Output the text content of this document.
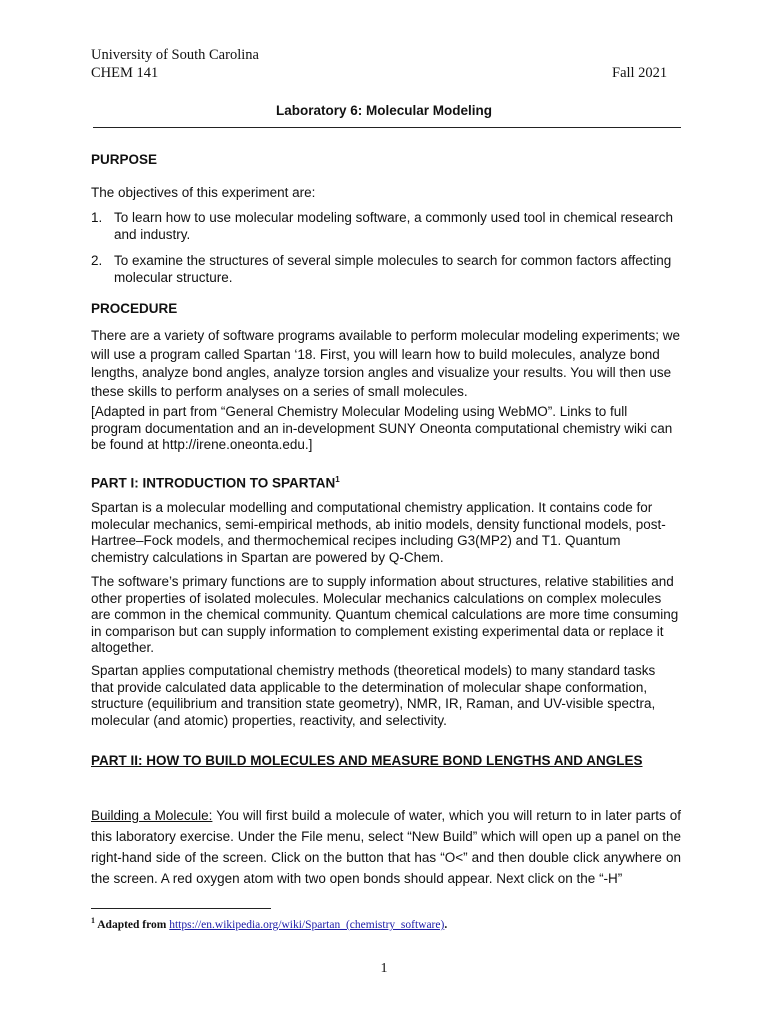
University of South Carolina
CHEM 141	Fall 2021
Laboratory 6: Molecular Modeling
PURPOSE
The objectives of this experiment are:
1. To learn how to use molecular modeling software, a commonly used tool in chemical research and industry.
2. To examine the structures of several simple molecules to search for common factors affecting molecular structure.
PROCEDURE
There are a variety of software programs available to perform molecular modeling experiments; we will use a program called Spartan ‘18. First, you will learn how to build molecules, analyze bond lengths, analyze bond angles, analyze torsion angles and visualize your results. You will then use these skills to perform analyses on a series of small molecules.
[Adapted in part from “General Chemistry Molecular Modeling using WebMO”. Links to full program documentation and an in-development SUNY Oneonta computational chemistry wiki can be found at http://irene.oneonta.edu.]
PART I: INTRODUCTION TO SPARTAN$^1$
Spartan is a molecular modelling and computational chemistry application. It contains code for molecular mechanics, semi-empirical methods, ab initio models, density functional models, post-Hartree–Fock models, and thermochemical recipes including G3(MP2) and T1. Quantum chemistry calculations in Spartan are powered by Q-Chem.
The software’s primary functions are to supply information about structures, relative stabilities and other properties of isolated molecules. Molecular mechanics calculations on complex molecules are common in the chemical community. Quantum chemical calculations are more time consuming in comparison but can supply information to complement existing experimental data or replace it altogether.
Spartan applies computational chemistry methods (theoretical models) to many standard tasks that provide calculated data applicable to the determination of molecular shape conformation, structure (equilibrium and transition state geometry), NMR, IR, Raman, and UV-visible spectra, molecular (and atomic) properties, reactivity, and selectivity.
PART II: HOW TO BUILD MOLECULES AND MEASURE BOND LENGTHS AND ANGLES
Building a Molecule: You will first build a molecule of water, which you will return to in later parts of this laboratory exercise. Under the File menu, select “New Build” which will open up a panel on the right-hand side of the screen. Click on the button that has “O<” and then double click anywhere on the screen. A red oxygen atom with two open bonds should appear. Next click on the “-H”
$^1$ Adapted from https://en.wikipedia.org/wiki/Spartan_(chemistry_software).
1
